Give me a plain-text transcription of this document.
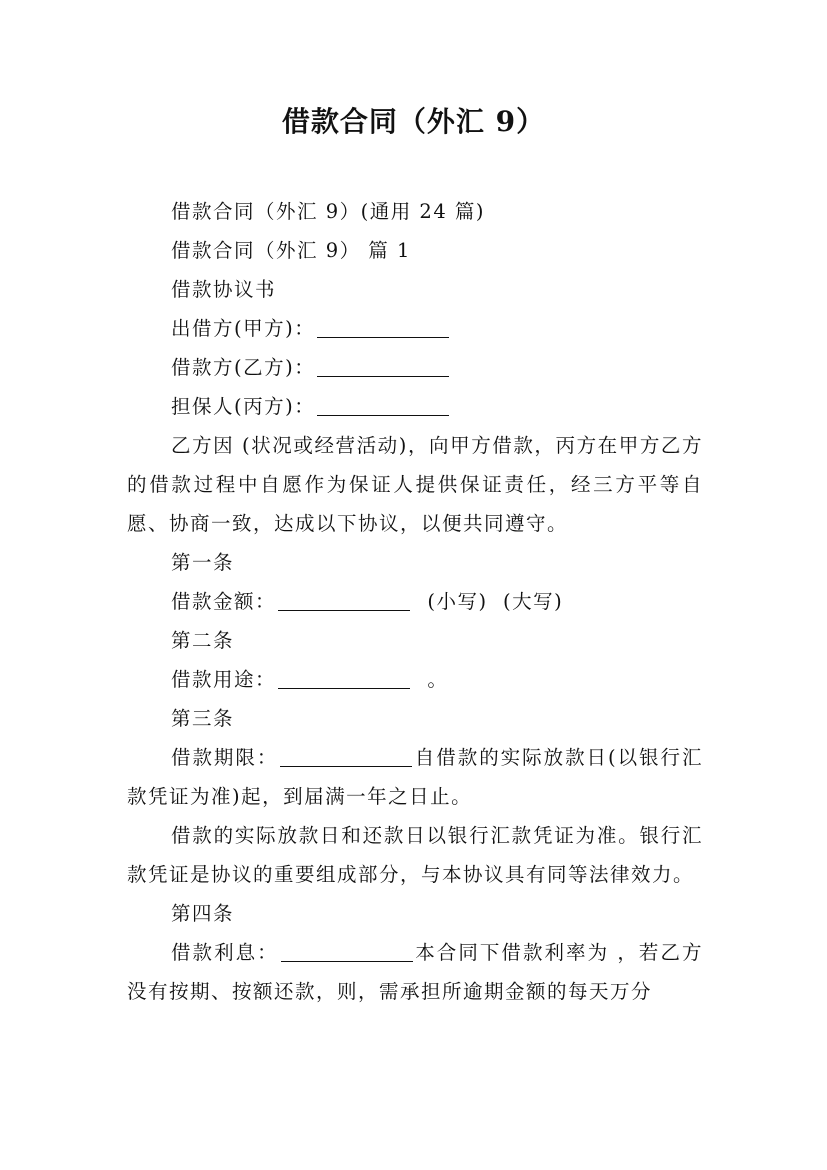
借款合同（外汇 9）

借款合同（外汇 9）(通用 24 篇)

借款合同（外汇 9） 篇 1

借款协议书

出借方(甲方)：

借款方(乙方)：

担保人(丙方)：

乙方因 (状况或经营活动)，向甲方借款，丙方在甲方乙方的借款过程中自愿作为保证人提供保证责任，经三方平等自愿、协商一致，达成以下协议，以便共同遵守。

第一条

借款金额：	(小写)  (大写)

第二条

借款用途：	。

第三条

借款期限：	自借款的实际放款日(以银行汇款凭证为准)起，到届满一年之日止。

借款的实际放款日和还款日以银行汇款凭证为准。银行汇款凭证是协议的重要组成部分，与本协议具有同等法律效力。

第四条

借款利息：	本合同下借款利率为 ，若乙方没有按期、按额还款，则，需承担所逾期金额的每天万分
